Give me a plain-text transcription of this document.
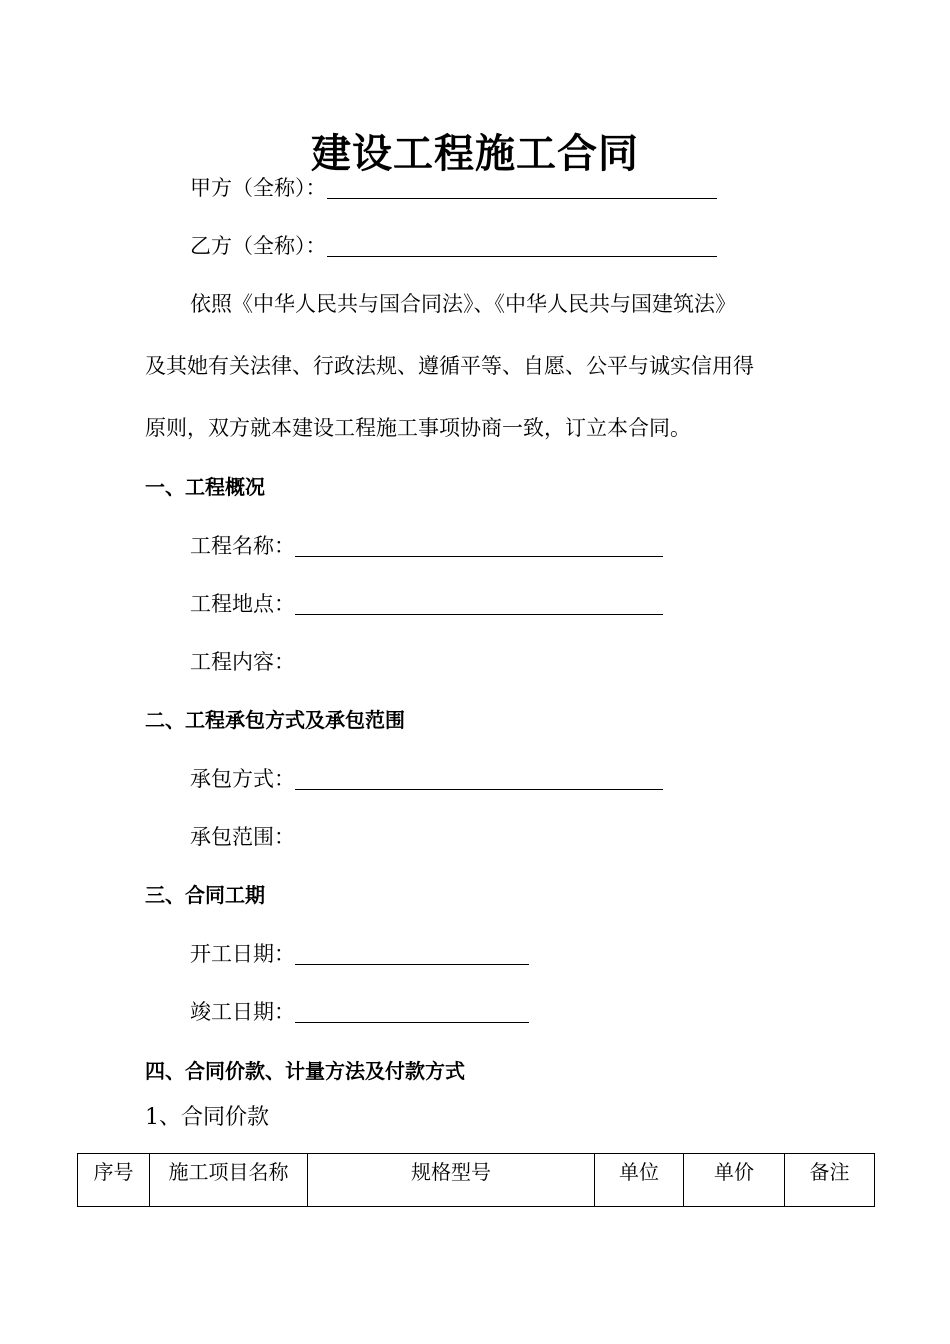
建设工程施工合同
甲方（全称）：
乙方（全称）：
依照《中华人民共与国合同法》、《中华人民共与国建筑法》
及其她有关法律、行政法规、遵循平等、自愿、公平与诚实信用得
原则，双方就本建设工程施工事项协商一致，订立本合同。
一、工程概况
工程名称：
工程地点：
工程内容：
二、工程承包方式及承包范围
承包方式：
承包范围：
三、合同工期
开工日期：
竣工日期：
四、合同价款、计量方法及付款方式
1、合同价款
序号	施工项目名称	规格型号	单位	单价	备注
